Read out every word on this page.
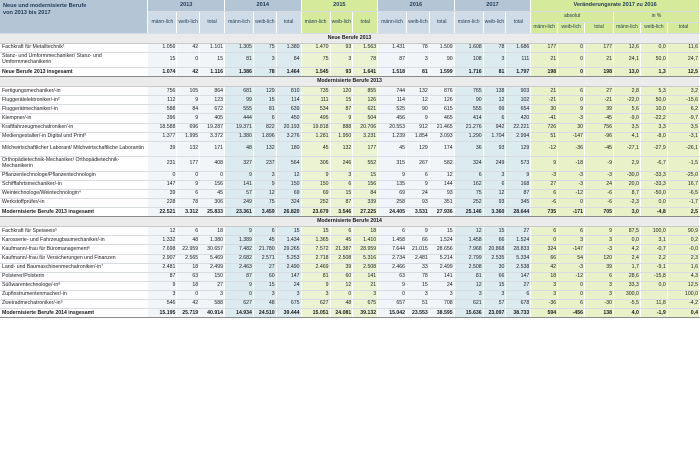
Neue und modernisierte Berufe
von 2013 bis 2017	2013			2014			2015			2016			2017			Veränderungsrate 2017 zu 2016					
	männ-lich	weib-lich	total	männ-lich	weib-lich	total	männ-lich	weib-lich	total	männ-lich	weib-lich	total	männ-lich	weib-lich	total	absolut			in %		
																männ-lich	weib-lich	total	männ-lich	weib-lich	total
Neue Berufe 2013																					
Fachkraft für Metalltechnik¹	1.056	42	1.101	1.305	75	1.380	1.470	93	1.563	1.431	78	1.509	1.608	78	1.686	177	0	177	12,6	0,0	11,6
Stanz- und Umformmechaniker/ Stanz- und Umformmechanikerin	15	0	15	81	3	84	75	3	78	87	3	90	108	3	111	21	0	21	24,1	50,0	24,7
Neue Berufe 2013 insgesamt	1.074	42	1.116	1.386	78	1.464	1.545	93	1.641	1.518	81	1.599	1.716	81	1.797	198	0	198	13,0	1,3	12,5
Modernisierte Berufe 2013																					
Fertigungsmechaniker/-in	756	105	864	681	129	810	735	120	855	744	132	876	765	138	903	21	6	27	2,8	5,3	3,2
Fluggerätelektroniker/-in²	112	9	123	99	15	114	111	15	126	114	12	126	90	12	102	-21	0	-21	-22,0	50,0	-15,6
Fluggerätmechaniker/-in	588	84	672	555	81	639	534	87	621	525	90	615	555	99	654	30	9	39	5,6	10,0	6,2
Klempner/-in	396	9	405	444	6	450	495	9	504	456	9	465	414	6	420	-41	-3	-45	-9,0	-22,2	-9,7
Kraftfahrzeugmechatroniker/-in	18.588	696	19.287	19.371	822	20.193	19.818	888	20.706	20.553	912	21.465	21.276	942	22.221	726	30	756	3,5	3,3	3,5
Mediengestalter/-in Digital und Print³	1.377	1.995	3.372	1.380	1.896	3.276	1.281	1.950	3.231	1.239	1.854	3.093	1.290	1.704	2.994	51	-147	-96	4,1	-8,0	-3,1
Milchwirtschaftlicher Laborant/ Milchwirtschaftliche Laborantin	39	132	171	48	132	180	45	132	177	45	129	174	36	93	129	-12	-36	-45	-27,1	-27,9	-26,1
Orthopädietechnik-Mechaniker/ Orthopädietechnik-Mechanikerin	231	177	408	327	237	564	306	246	552	315	267	582	324	249	573	9	-18	-9	2,9	-6,7	-1,5
Pflanzentechnologe/Pflanzentechnologin	0	0	0	9	3	12	9	3	15	9	6	12	6	3	9	-3	-3	-3	-30,0	-33,3	-25,0
Schifffahrtsmechaniker/-in	147	9	156	141	9	150	150	6	156	135	9	144	162	6	168	27	-3	24	20,0	-33,3	16,7
Weintechnologe/Weintechnologin⁴	39	6	45	57	12	69	69	15	84	69	24	93	75	12	87	6	-12	-6	8,7	-50,0	-6,5
Werkstoffprüfer/-in	228	78	306	249	75	324	252	87	339	258	93	351	252	93	345	-6	0	-6	-2,3	0,0	-1,7
Modernisierte Berufe 2013 insgesamt	22.521	3.312	25.833	23.361	3.459	26.820	23.679	3.546	27.225	24.405	3.531	27.936	25.146	3.360	28.644	735	-171	705	3,0	-4,8	2,5
Modernisierte Berufe 2014																					
Fachkraft für Speiseeis⁵	12	6	18	9	6	15	15	6	18	6	9	15	12	15	27	6	6	9	87,5	100,0	90,9
Karosserie- und Fahrzeugbaumechaniker/-in	1.332	48	1.380	1.389	45	1.434	1.365	45	1.410	1.458	66	1.524	1.458	66	1.524	0	3	3	0,0	3,1	0,2
Kaufmann/-frau für Büromanagement⁶	7.698	22.959	30.657	7.482	21.780	29.265	7.572	21.387	28.959	7.644	21.015	28.656	7.968	20.868	28.833	324	-147	-3	4,2	-0,7	-0,0
Kaufmann/-frau für Versicherungen und Finanzen	2.907	2.565	5.469	2.682	2.571	5.253	2.718	2.508	5.316	2.734	2.481	5.214	2.799	2.535	5.334	66	54	120	2,4	2,2	2,3
Land- und Baumaschinenmechatroniker/-in⁷	2.481	18	2.499	2.463	27	2.490	2.469	39	2.508	2.466	33	2.499	2.508	30	2.538	42	-3	39	1,7	-9,1	1,6
Polsterer/Polsterin	87	63	150	87	60	147	81	60	141	63	78	141	81	66	147	18	-12	6	28,6	-15,8	4,3
Süßwarentechnologe/-in⁸	9	18	27	9	15	24	9	12	21	9	15	24	12	15	27	3	0	3	33,3	0,0	12,5
Zupfinstrumentenmacher/-in	3	0	3	0	3	3	3	0	3	0	3	3	3	3	6	3	0	3	300,0		100,0
Zweiradmechatroniker/-in⁹	546	42	588	627	48	675	627	48	675	657	51	708	621	57	678	-36	6	-30	-5,5	11,8	-4,2
Modernisierte Berufe 2014 insgesamt	15.195	25.719	40.914	14.934	24.510	39.444	15.051	24.081	39.132	15.042	23.553	38.595	15.636	23.097	38.733	594	-456	138	4,0	-1,9	0,4
